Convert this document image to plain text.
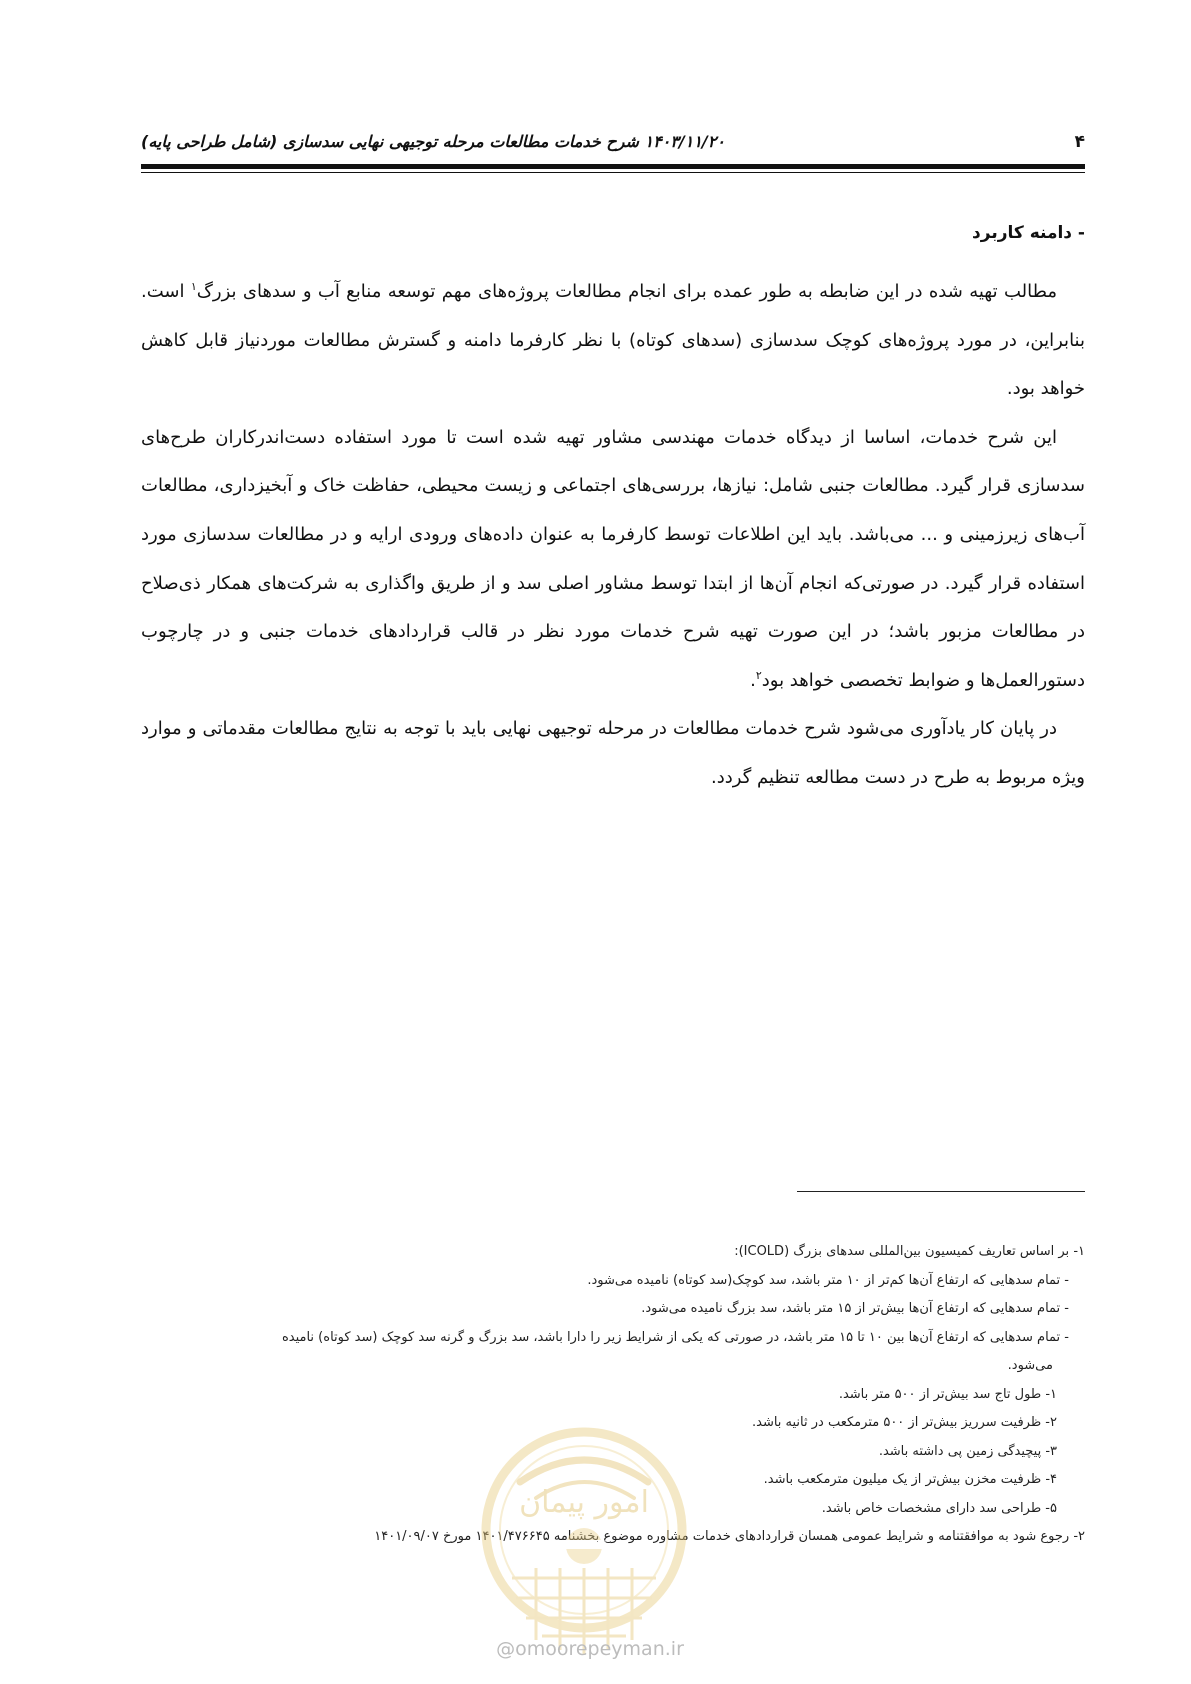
۴
۱۴۰۳/۱۱/۲۰ شرح خدمات مطالعات مرحله توجیهی نهایی سدسازی (شامل طراحی پایه)
- دامنه کاربرد

مطالب تهیه شده در این ضابطه به طور عمده برای انجام مطالعات پروژه‌های مهم توسعه منابع آب و سدهای بزرگ$^۱$ است. بنابراین، در مورد پروژه‌های کوچک سدسازی (سدهای کوتاه) با نظر کارفرما دامنه و گسترش مطالعات موردنیاز قابل کاهش خواهد بود.

این شرح خدمات، اساسا از دیدگاه خدمات مهندسی مشاور تهیه شده است تا مورد استفاده دست‌اندرکاران طرح‌های سدسازی قرار گیرد. مطالعات جنبی شامل: نیازها، بررسی‌های اجتماعی و زیست محیطی، حفاظت خاک و آبخیزداری، مطالعات آب‌های زیرزمینی و ... می‌باشد. باید این اطلاعات توسط کارفرما به عنوان داده‌های ورودی ارایه و در مطالعات سدسازی مورد استفاده قرار گیرد. در صورتی‌که انجام آن‌ها از ابتدا توسط مشاور اصلی سد و از طریق واگذاری به شرکت‌های همکار ذی‌صلاح در مطالعات مزبور باشد؛ در این صورت تهیه شرح خدمات مورد نظر در قالب قراردادهای خدمات جنبی و در چارچوب دستورالعمل‌ها و ضوابط تخصصی خواهد بود$^۲$.

در پایان کار یادآوری می‌شود شرح خدمات مطالعات در مرحله توجیهی نهایی باید با توجه به نتایج مطالعات مقدماتی و موارد ویژه مربوط به طرح در دست مطالعه تنظیم گردد.

۱- بر اساس تعاریف کمیسیون بین‌المللی سدهای بزرگ (ICOLD):

- تمام سدهایی که ارتفاع آن‌ها کم‌تر از ۱۰ متر باشد، سد کوچک(سد کوتاه) نامیده می‌شود.

- تمام سدهایی که ارتفاع آن‌ها بیش‌تر از ۱۵ متر باشد، سد بزرگ نامیده می‌شود.

- تمام سدهایی که ارتفاع آن‌ها بین ۱۰ تا ۱۵ متر باشد، در صورتی که یکی از شرایط زیر را دارا باشد، سد بزرگ و گرنه سد کوچک (سد کوتاه) نامیده
می‌شود.

۱- طول تاج سد بیش‌تر از ۵۰۰ متر باشد.

۲- ظرفیت سرریز بیش‌تر از ۵۰۰ مترمکعب در ثانیه باشد.

۳- پیچیدگی زمین پی داشته باشد.

۴- ظرفیت مخزن بیش‌تر از یک میلیون مترمکعب باشد.

۵- طراحی سد دارای مشخصات خاص باشد.

۲- رجوع شود به موافقتنامه و شرایط عمومی همسان قراردادهای خدمات مشاوره موضوع بخشنامه ۱۴۰۱/۴۷۶۶۴۵ مورخ ۱۴۰۱/۰۹/۰۷

امور پیمان
@omoorepeyman.ir
